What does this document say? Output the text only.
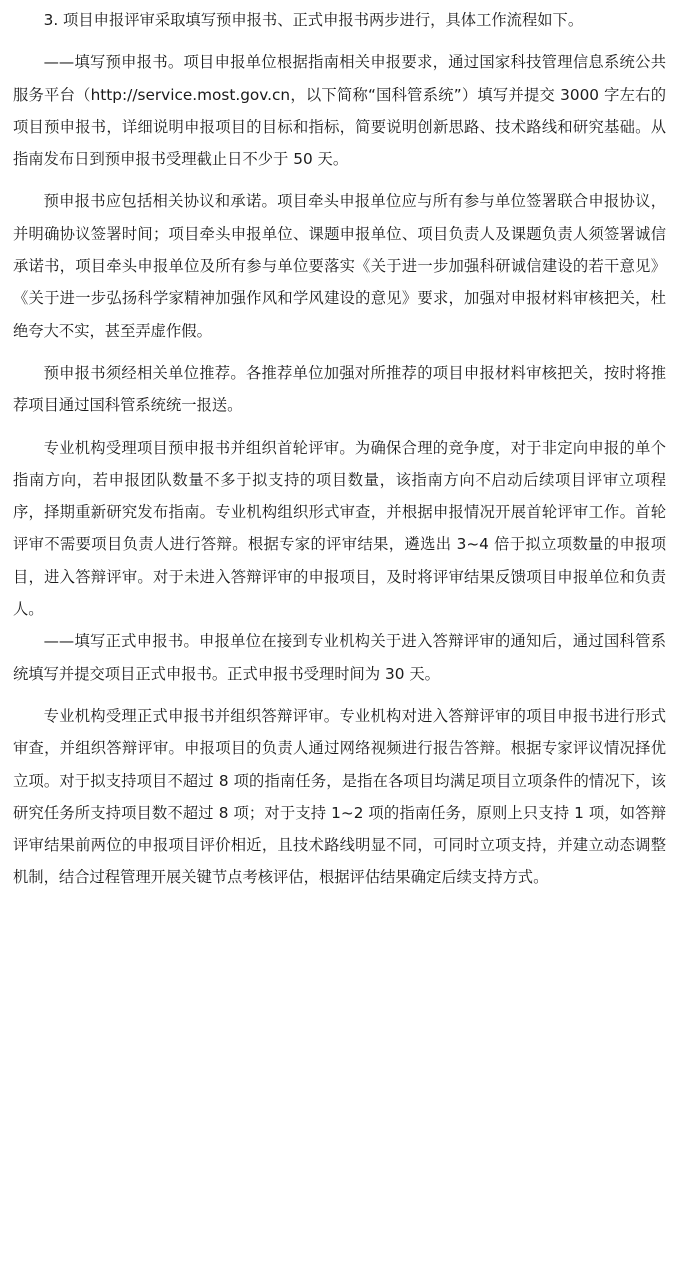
3. 项目申报评审采取填写预申报书、正式申报书两步进行，具体工作流程如下。

——填写预申报书。项目申报单位根据指南相关申报要求，通过国家科技管理信息系统公共服务平台（http://service.most.gov.cn，以下简称“国科管系统”）填写并提交 3000 字左右的项目预申报书，详细说明申报项目的目标和指标，简要说明创新思路、技术路线和研究基础。从指南发布日到预申报书受理截止日不少于 50 天。

预申报书应包括相关协议和承诺。项目牵头申报单位应与所有参与单位签署联合申报协议，并明确协议签署时间；项目牵头申报单位、课题申报单位、项目负责人及课题负责人须签署诚信承诺书，项目牵头申报单位及所有参与单位要落实《关于进一步加强科研诚信建设的若干意见》《关于进一步弘扬科学家精神加强作风和学风建设的意见》要求，加强对申报材料审核把关，杜绝夸大不实，甚至弄虚作假。

预申报书须经相关单位推荐。各推荐单位加强对所推荐的项目申报材料审核把关，按时将推荐项目通过国科管系统统一报送。

专业机构受理项目预申报书并组织首轮评审。为确保合理的竞争度，对于非定向申报的单个指南方向，若申报团队数量不多于拟支持的项目数量，该指南方向不启动后续项目评审立项程序，择期重新研究发布指南。专业机构组织形式审查，并根据申报情况开展首轮评审工作。首轮评审不需要项目负责人进行答辩。根据专家的评审结果，遴选出 3~4 倍于拟立项数量的申报项目，进入答辩评审。对于未进入答辩评审的申报项目，及时将评审结果反馈项目申报单位和负责人。

——填写正式申报书。申报单位在接到专业机构关于进入答辩评审的通知后，通过国科管系统填写并提交项目正式申报书。正式申报书受理时间为 30 天。

专业机构受理正式申报书并组织答辩评审。专业机构对进入答辩评审的项目申报书进行形式审查，并组织答辩评审。申报项目的负责人通过网络视频进行报告答辩。根据专家评议情况择优立项。对于拟支持项目不超过 8 项的指南任务，是指在各项目均满足项目立项条件的情况下，该研究任务所支持项目数不超过 8 项；对于支持 1~2 项的指南任务，原则上只支持 1 项，如答辩评审结果前两位的申报项目评价相近，且技术路线明显不同，可同时立项支持，并建立动态调整机制，结合过程管理开展关键节点考核评估，根据评估结果确定后续支持方式。
